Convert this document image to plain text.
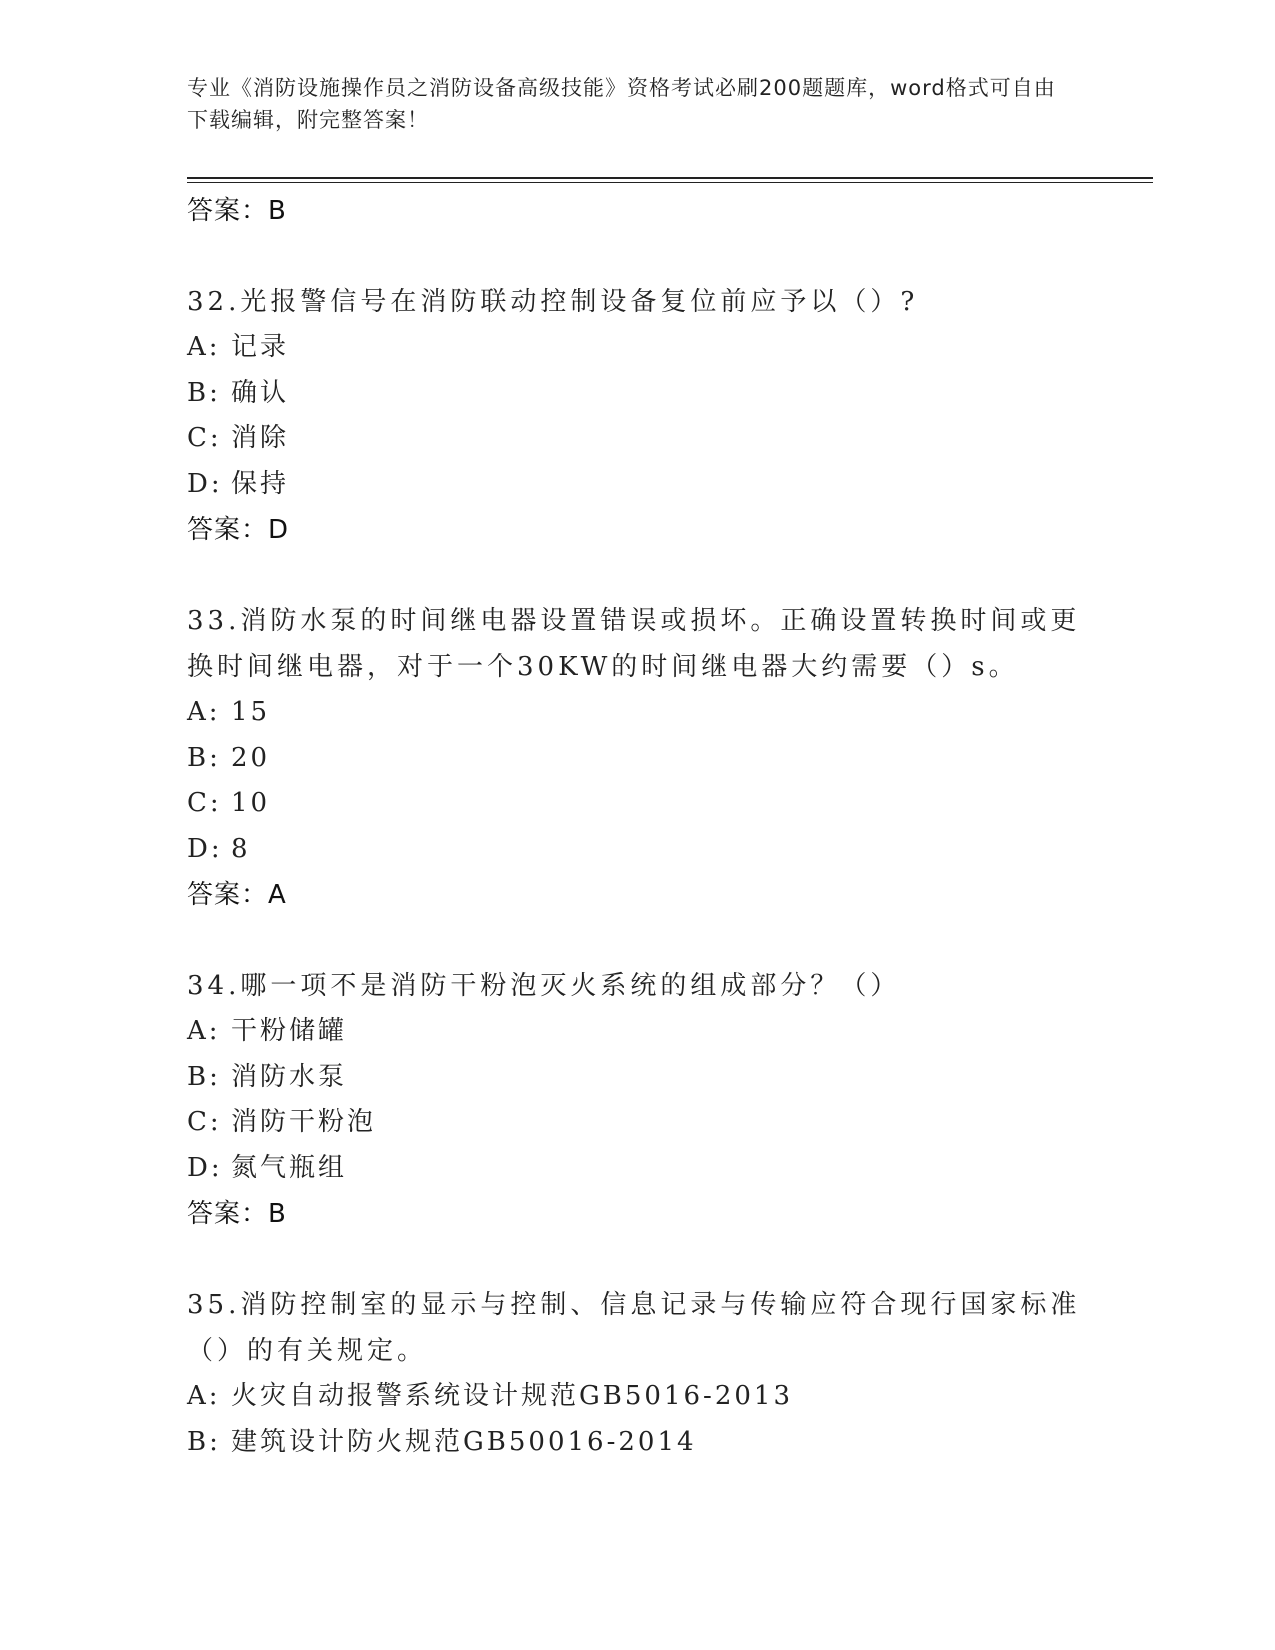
专业《消防设施操作员之消防设备高级技能》资格考试必刷200题题库，word格式可自由下载编辑，附完整答案！
答案：B
32.光报警信号在消防联动控制设备复位前应予以（）?
A: 记录
B: 确认
C: 消除
D: 保持
答案：D
33.消防水泵的时间继电器设置错误或损坏。正确设置转换时间或更换时间继电器，对于一个30KW的时间继电器大约需要（）s。
A: 15
B: 20
C: 10
D: 8
答案：A
34.哪一项不是消防干粉泡灭火系统的组成部分？（）
A: 干粉储罐
B: 消防水泵
C: 消防干粉泡
D: 氮气瓶组
答案：B
35.消防控制室的显示与控制、信息记录与传输应符合现行国家标准（）的有关规定。
A: 火灾自动报警系统设计规范GB5016-2013
B: 建筑设计防火规范GB50016-2014
